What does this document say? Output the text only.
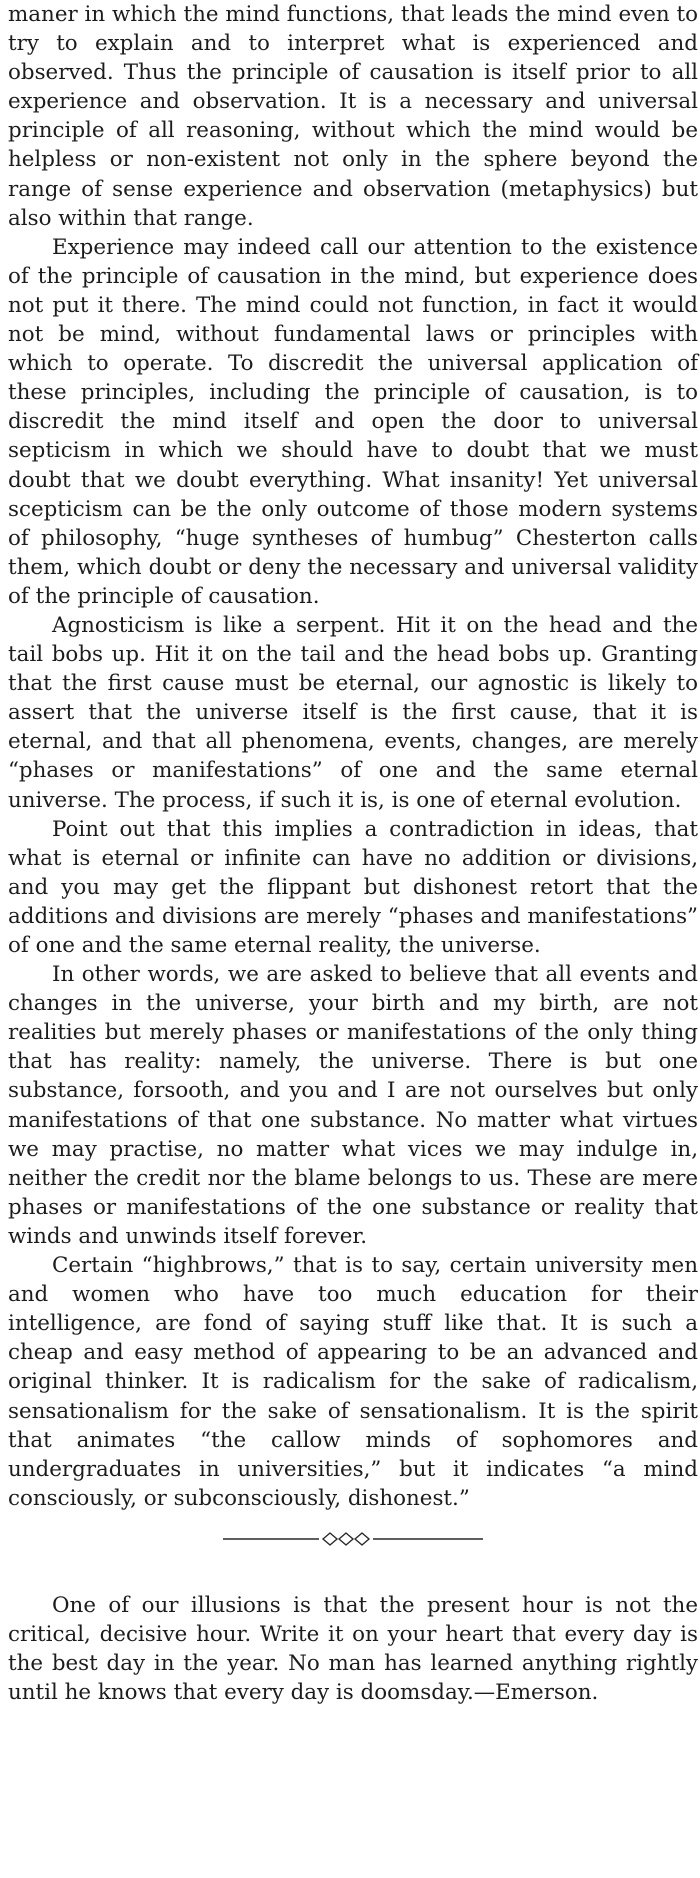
maner in which the mind functions, that leads the mind even to try to explain and to interpret what is experienced and observed. Thus the principle of causation is itself prior to all experience and observation. It is a necessary and universal principle of all reasoning, without which the mind would be helpless or non-existent not only in the sphere beyond the range of sense experience and observation (metaphysics) but also within that range.

Experience may indeed call our attention to the existence of the principle of causation in the mind, but experience does not put it there. The mind could not function, in fact it would not be mind, without fundamental laws or principles with which to operate. To discredit the universal application of these principles, including the principle of causation, is to discredit the mind itself and open the door to universal septicism in which we should have to doubt that we must doubt that we doubt everything. What insanity! Yet universal scepticism can be the only outcome of those modern systems of philosophy, “huge syntheses of humbug” Chesterton calls them, which doubt or deny the necessary and universal validity of the principle of causation.

Agnosticism is like a serpent. Hit it on the head and the tail bobs up. Hit it on the tail and the head bobs up. Granting that the first cause must be eternal, our agnostic is likely to assert that the universe itself is the first cause, that it is eternal, and that all phenomena, events, changes, are merely “phases or manifestations” of one and the same eternal universe. The process, if such it is, is one of eternal evolution.

Point out that this implies a contradiction in ideas, that what is eternal or infinite can have no addition or divisions, and you may get the flippant but dishonest retort that the additions and divisions are merely “phases and manifestations” of one and the same eternal reality, the universe.

In other words, we are asked to believe that all events and changes in the universe, your birth and my birth, are not realities but merely phases or manifestations of the only thing that has reality: namely, the universe. There is but one substance, forsooth, and you and I are not ourselves but only manifestations of that one substance. No matter what virtues we may practise, no matter what vices we may indulge in, neither the credit nor the blame belongs to us. These are mere phases or manifestations of the one substance or reality that winds and unwinds itself forever.

Certain “highbrows,” that is to say, certain university men and women who have too much education for their intelligence, are fond of saying stuff like that. It is such a cheap and easy method of appearing to be an advanced and original thinker. It is radicalism for the sake of radicalism, sensationalism for the sake of sensationalism. It is the spirit that animates “the callow minds of sophomores and undergraduates in universities,” but it indicates “a mind consciously, or subconsciously, dishonest.”

One of our illusions is that the present hour is not the critical, decisive hour. Write it on your heart that every day is the best day in the year. No man has learned anything rightly until he knows that every day is doomsday.—Emerson.
